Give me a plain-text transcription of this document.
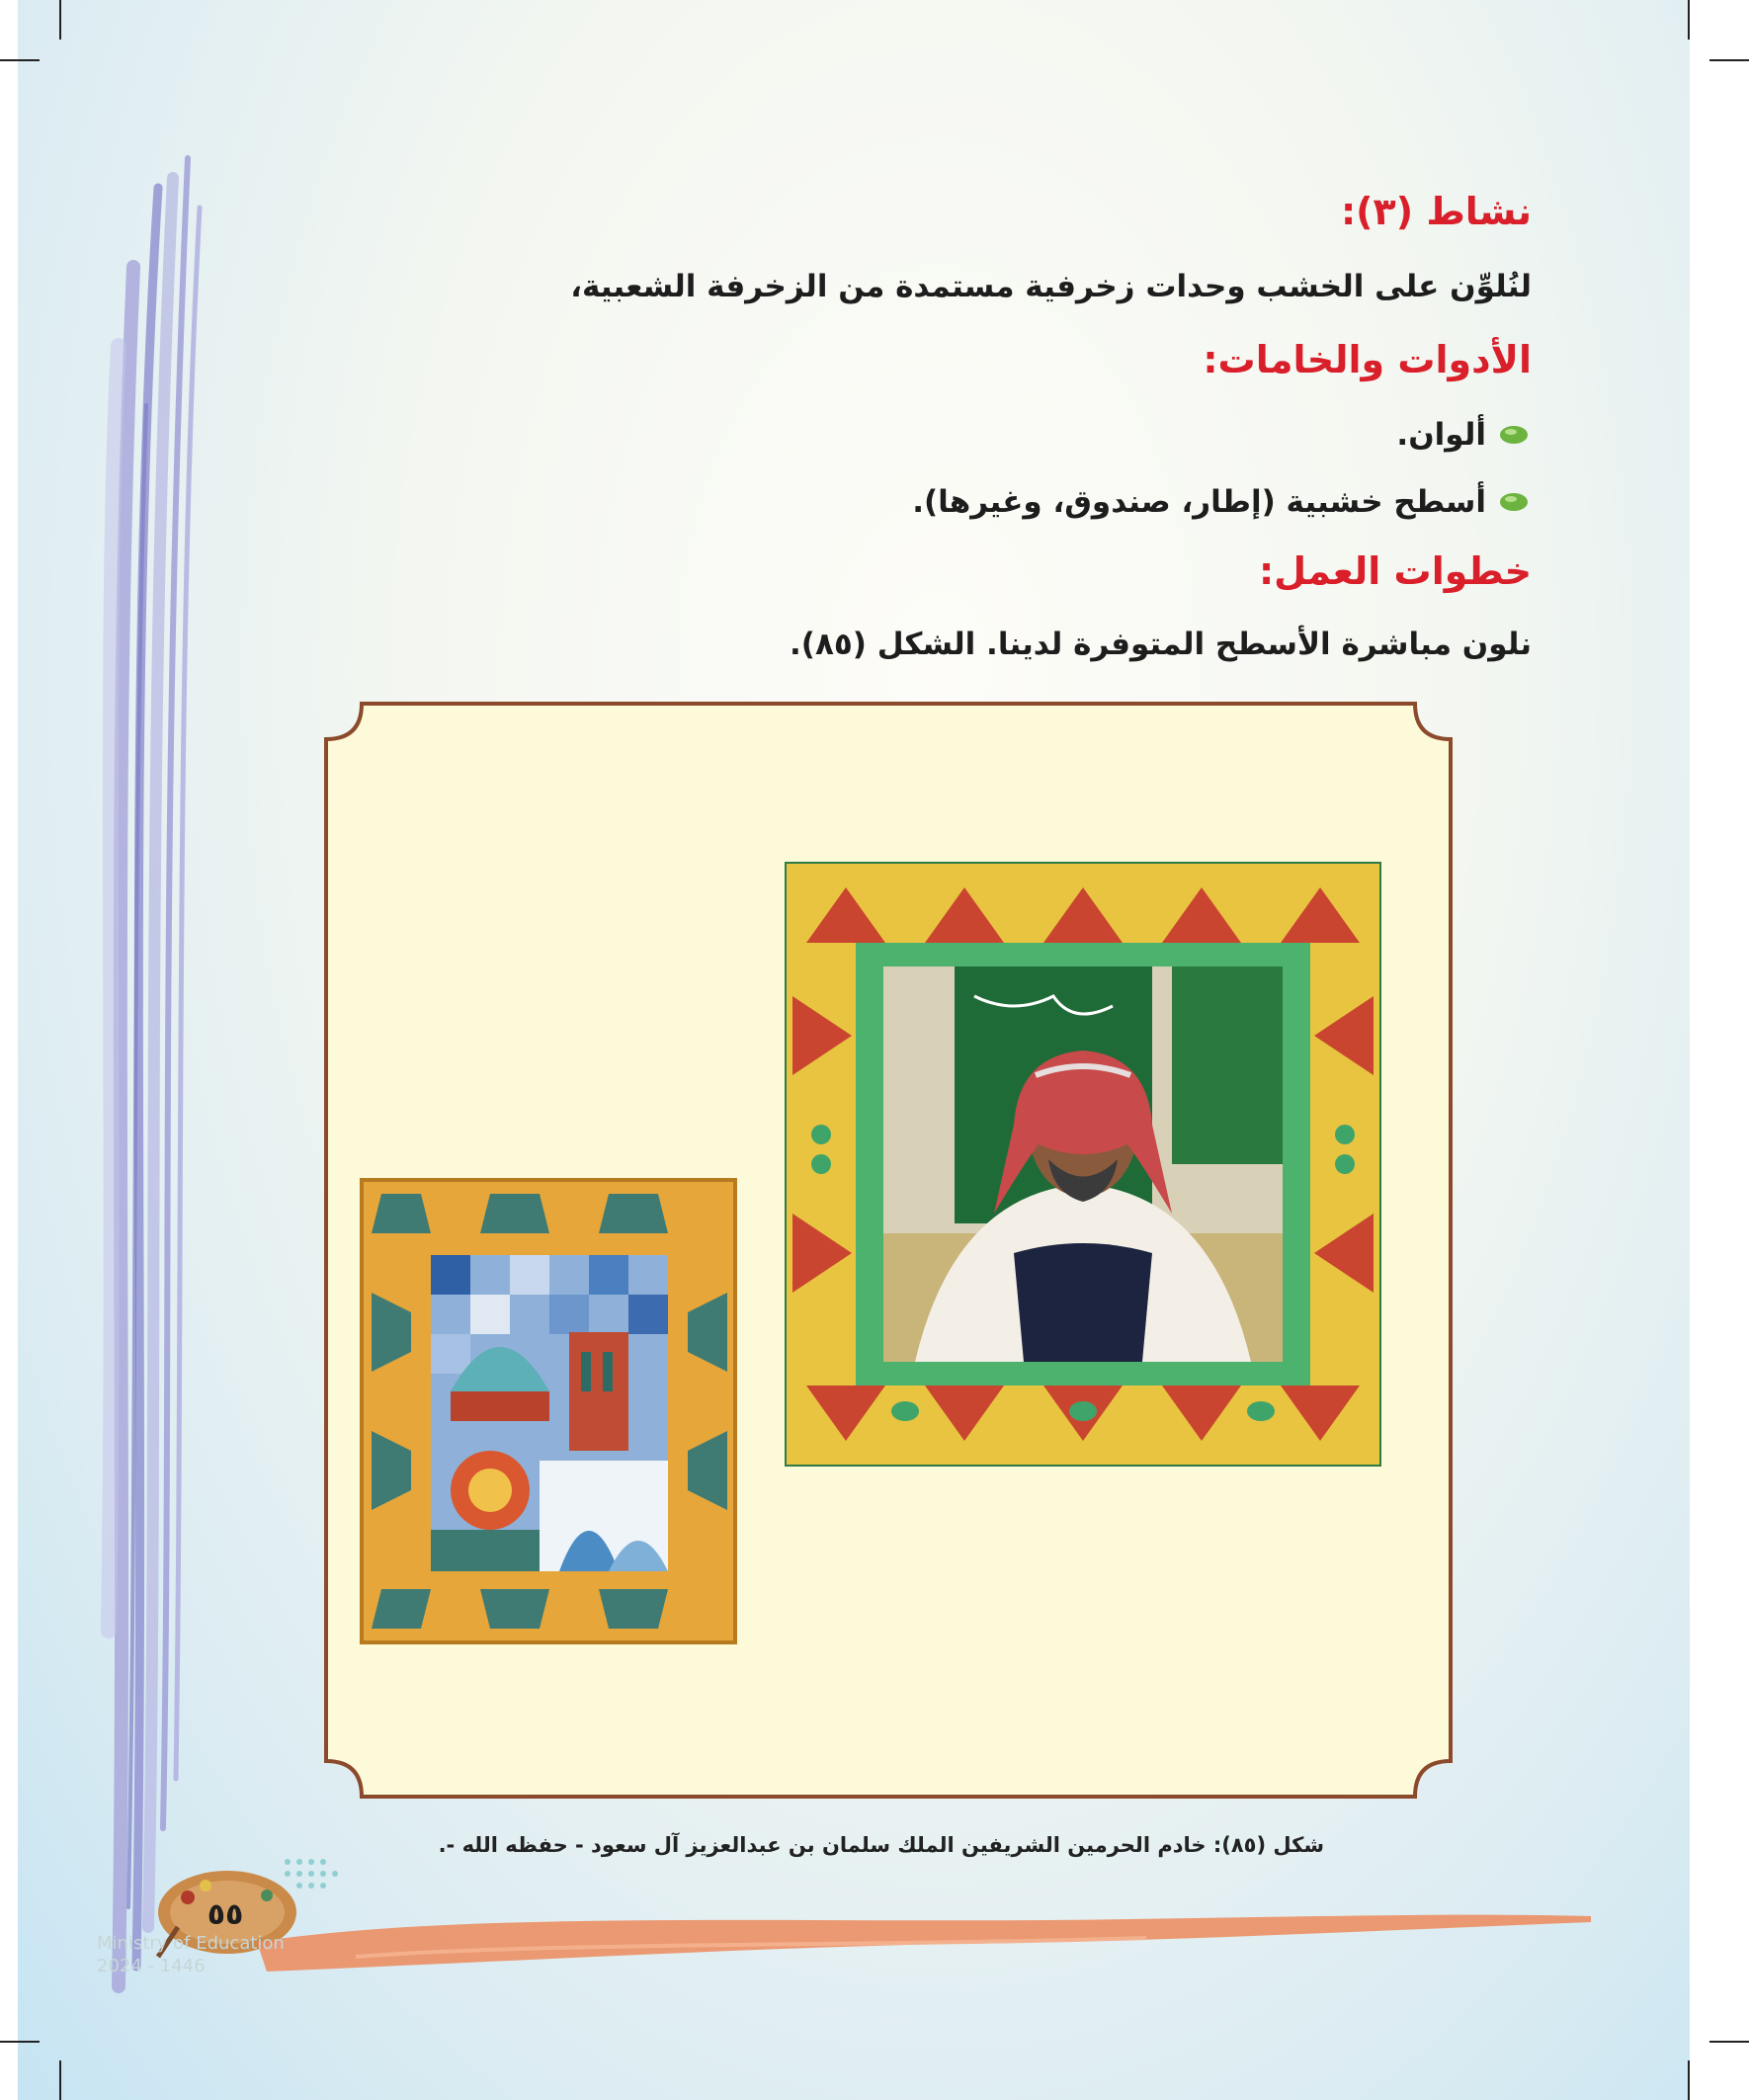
نشاط (٣):
لنُلوِّن على الخشب وحدات زخرفية مستمدة من الزخرفة الشعبية،
الأدوات والخامات:
ألوان.
أسطح خشبية (إطار، صندوق، وغيرها).
خطوات العمل:
نلون مباشرة الأسطح المتوفرة لدينا. الشكل (٨٥).
شكل (٨٥): خادم الحرمين الشريفين الملك سلمان بن عبدالعزيز آل سعود - حفظه الله -.
٥٥
Ministry of Education
2024 - 1446
